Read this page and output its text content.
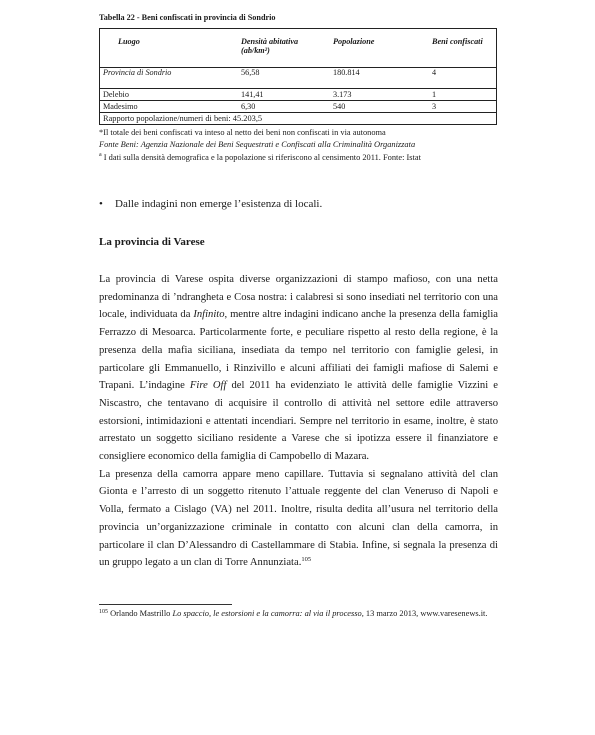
Tabella 22 - Beni confiscati in provincia di Sondrio
Luogo	Densità abitativa (ab/km²)	Popolazione	Beni confiscati
Provincia di Sondrio	56,58	180.814	4
Delebio	141,41	3.173	1
Madesimo	6,30	540	3
Rapporto popolazione/numeri di beni: 45.203,5			

*Il totale dei beni confiscati va inteso al netto dei beni non confiscati in via autonoma

Fonte Beni: Agenzia Nazionale dei Beni Sequestrati e Confiscati alla Criminalità Organizzata

$^a$ I dati sulla densità demografica e la popolazione si riferiscono al censimento 2011. Fonte: Istat

• Dalle indagini non emerge l’esistenza di locali.
La provincia di Varese

La provincia di Varese ospita diverse organizzazioni di stampo mafioso, con una netta predominanza di ’ndrangheta e Cosa nostra: i calabresi si sono insediati nel territorio con una locale, individuata da Infinito, mentre altre indagini indicano anche la presenza della famiglia Ferrazzo di Mesoarca. Particolarmente forte, e peculiare rispetto al resto della regione, è la presenza della mafia siciliana, insediata da tempo nel territorio con famiglie gelesi, in particolare gli Emmanuello, i Rinzivillo e alcuni affiliati dei famigli mafiose di Salemi e Trapani. L’indagine Fire Off del 2011 ha evidenziato le attività delle famiglie Vizzini e Niscastro, che tentavano di acquisire il controllo di attività nel settore edile attraverso estorsioni, intimidazioni e attentati incendiari. Sempre nel territorio in esame, inoltre, è stato arrestato un soggetto siciliano residente a Varese che si ipotizza essere il finanziatore e consigliere economico della famiglia di Campobello di Mazara.

La presenza della camorra appare meno capillare. Tuttavia si segnalano attività del clan Gionta e l’arresto di un soggetto ritenuto l’attuale reggente del clan Veneruso di Napoli e Volla, fermato a Cislago (VA) nel 2011. Inoltre, risulta dedita all’usura nel territorio della provincia un’organizzazione criminale in contatto con alcuni clan della camorra, in particolare il clan D’Alessandro di Castellammare di Stabia. Infine, si segnala la presenza di un gruppo legato a un clan di Torre Annunziata.$^{105}$

$^{105}$ Orlando Mastrillo Lo spaccio, le estorsioni e la camorra: al via il processo, 13 marzo 2013, www.varesenews.it.
